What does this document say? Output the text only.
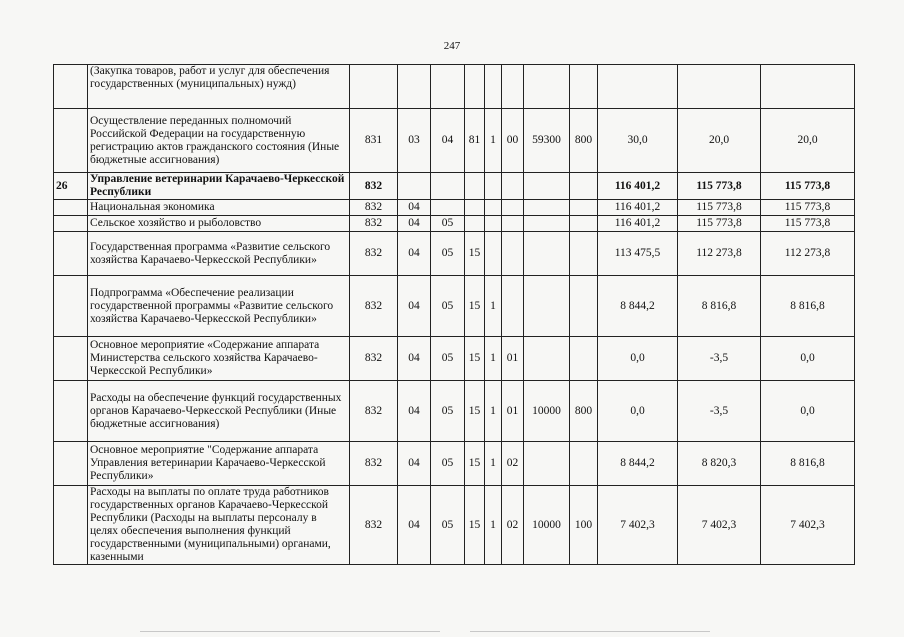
247
	(Закупка товаров, работ и услуг для обеспечения государственных (муниципальных) нужд)											
	Осуществление переданных полномочий Российской Федерации на государственную регистрацию актов гражданского состояния (Иные бюджетные ассигнования)	831	03	04	81	1	00	59300	800	30,0	20,0	20,0
26	Управление ветеринарии Карачаево-Черкесской Республики	832								116 401,2	115 773,8	115 773,8
	Национальная экономика	832	04							116 401,2	115 773,8	115 773,8
	Сельское хозяйство и рыболовство	832	04	05						116 401,2	115 773,8	115 773,8
	Государственная программа «Развитие сельского хозяйства Карачаево-Черкесской Республики»	832	04	05	15					113 475,5	112 273,8	112 273,8
	Подпрограмма «Обеспечение реализации государственной программы «Развитие сельского хозяйства Карачаево-Черкесской Республики»	832	04	05	15	1				8 844,2	8 816,8	8 816,8
	Основное мероприятие «Содержание аппарата Министерства сельского хозяйства Карачаево-Черкесской Республики»	832	04	05	15	1	01			0,0	-3,5	0,0
	Расходы на обеспечение функций государственных органов Карачаево-Черкесской Республики (Иные бюджетные ассигнования)	832	04	05	15	1	01	10000	800	0,0	-3,5	0,0
	Основное мероприятие "Содержание аппарата Управления ветеринарии Карачаево-Черкесской Республики»	832	04	05	15	1	02			8 844,2	8 820,3	8 816,8
	Расходы на выплаты по оплате труда работников государственных органов Карачаево-Черкесской Республики (Расходы на выплаты персоналу в целях обеспечения выполнения функций государственными (муниципальными) органами, казенными	832	04	05	15	1	02	10000	100	7 402,3	7 402,3	7 402,3
